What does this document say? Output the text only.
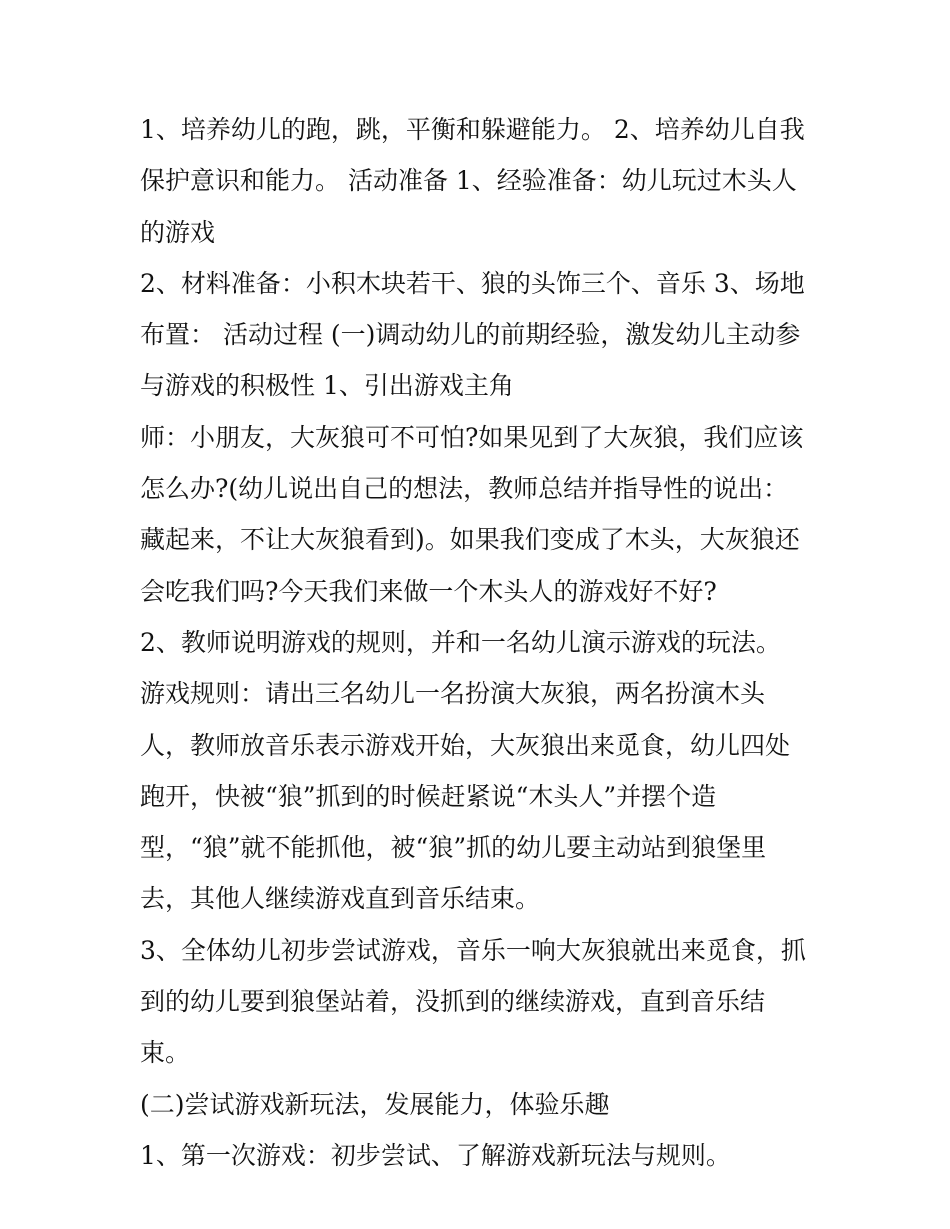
1、培养幼儿的跑，跳，平衡和躲避能力。 2、培养幼儿自我保护意识和能力。 活动准备 1、经验准备：幼儿玩过木头人的游戏

2、材料准备：小积木块若干、狼的头饰三个、音乐 3、场地布置： 活动过程 (一)调动幼儿的前期经验，激发幼儿主动参与游戏的积极性 1、引出游戏主角

师：小朋友，大灰狼可不可怕?如果见到了大灰狼，我们应该怎么办?(幼儿说出自己的想法，教师总结并指导性的说出：藏起来，不让大灰狼看到)。如果我们变成了木头，大灰狼还会吃我们吗?今天我们来做一个木头人的游戏好不好?

2、教师说明游戏的规则，并和一名幼儿演示游戏的玩法。

游戏规则：请出三名幼儿一名扮演大灰狼，两名扮演木头人，教师放音乐表示游戏开始，大灰狼出来觅食，幼儿四处跑开，快被“狼”抓到的时候赶紧说“木头人”并摆个造型，“狼”就不能抓他，被“狼”抓的幼儿要主动站到狼堡里去，其他人继续游戏直到音乐结束。

3、全体幼儿初步尝试游戏，音乐一响大灰狼就出来觅食，抓到的幼儿要到狼堡站着，没抓到的继续游戏，直到音乐结束。

(二)尝试游戏新玩法，发展能力，体验乐趣

1、第一次游戏：初步尝试、了解游戏新玩法与规则。
